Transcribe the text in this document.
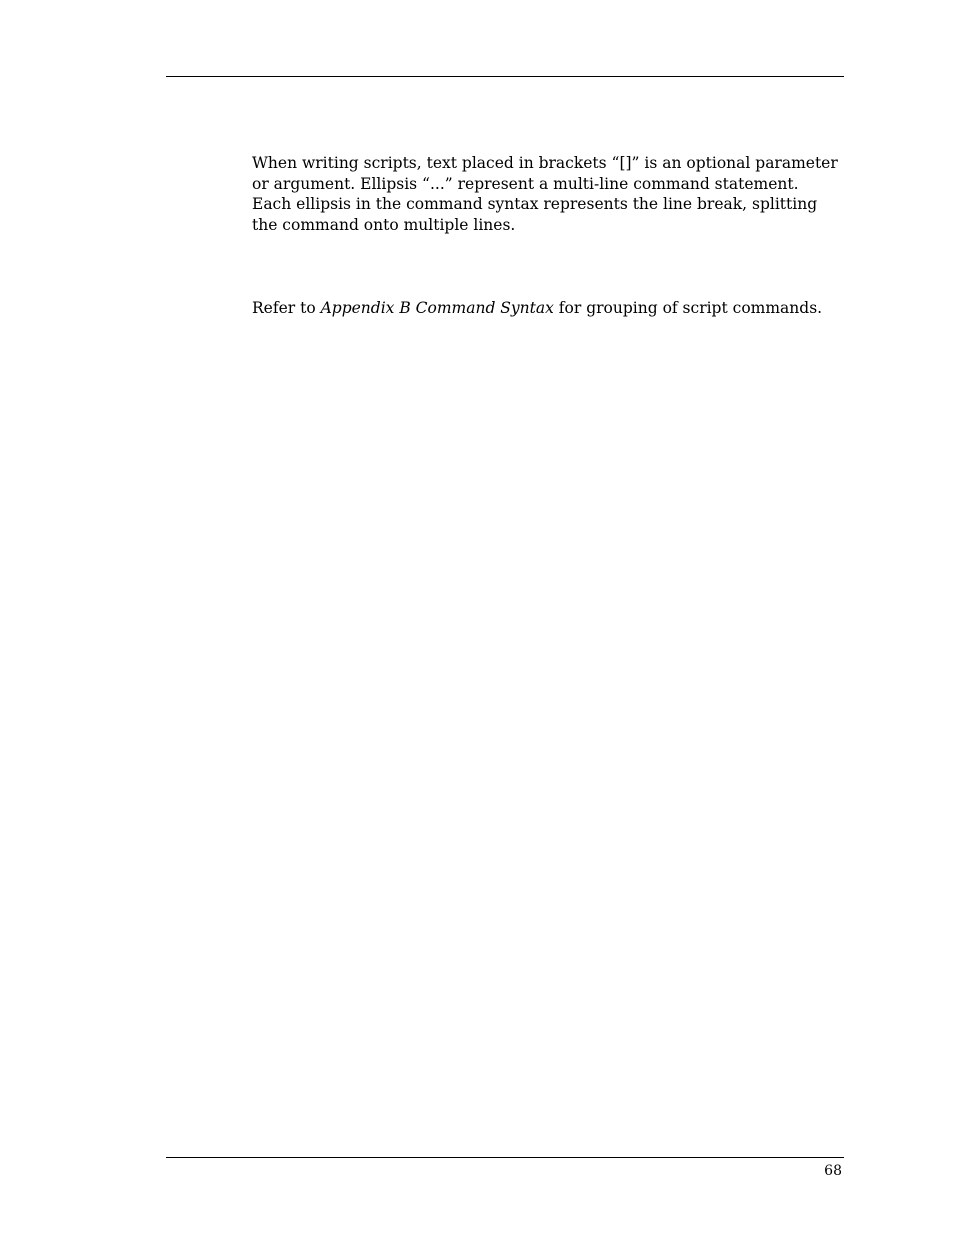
When writing scripts, text placed in brackets “[]” is an optional parameter
or argument. Ellipsis “...” represent a multi-line command statement.
Each ellipsis in the command syntax represents the line break, splitting
the command onto multiple lines.

Refer to Appendix B Command Syntax for grouping of script commands.

68
